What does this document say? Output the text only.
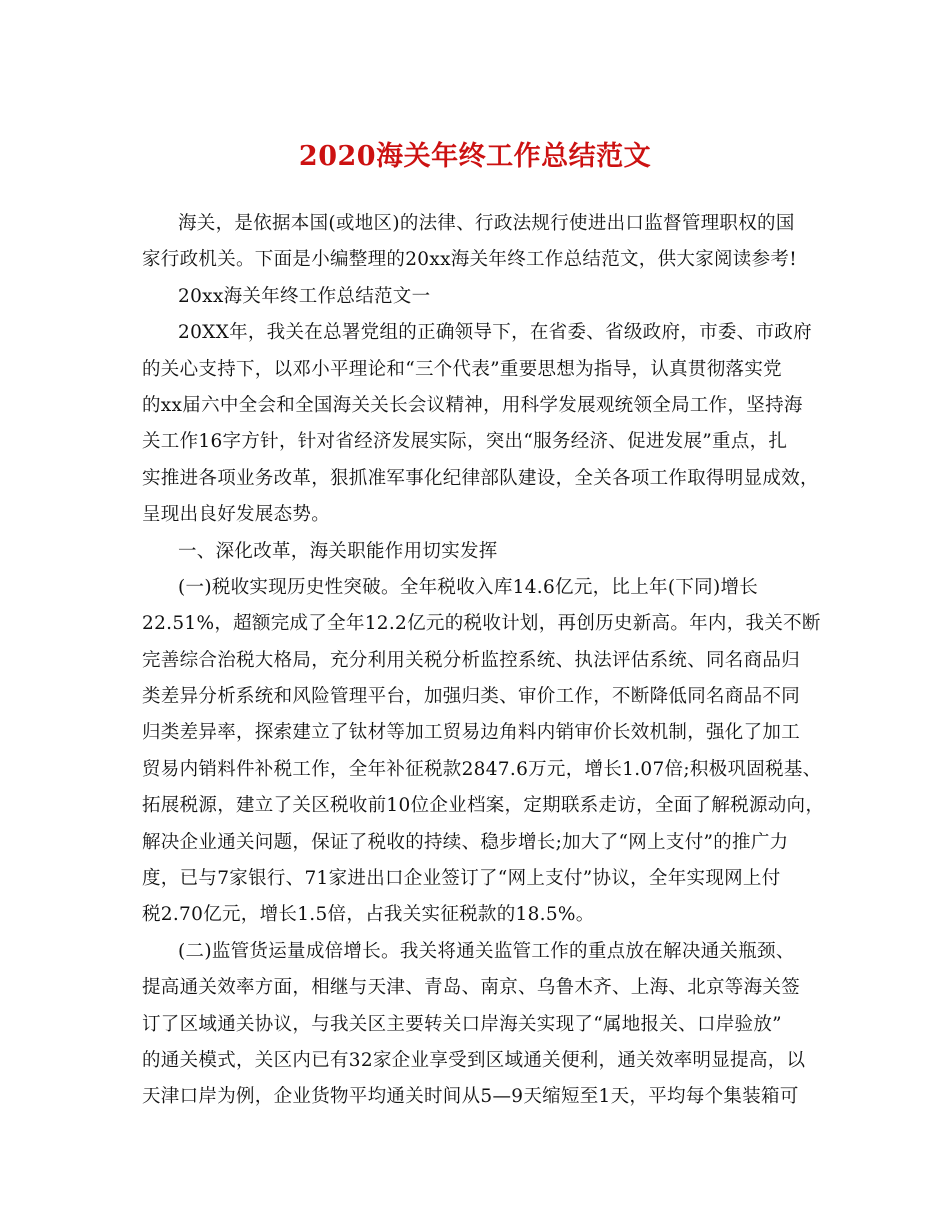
2020海关年终工作总结范文
海关，是依据本国(或地区)的法律、行政法规行使进出口监督管理职权的国
家行政机关。下面是小编整理的20xx海关年终工作总结范文，供大家阅读参考!
20xx海关年终工作总结范文一
20XX年，我关在总署党组的正确领导下，在省委、省级政府，市委、市政府
的关心支持下，以邓小平理论和“三个代表”重要思想为指导，认真贯彻落实党
的xx届六中全会和全国海关关长会议精神，用科学发展观统领全局工作，坚持海
关工作16字方针，针对省经济发展实际，突出“服务经济、促进发展”重点，扎
实推进各项业务改革，狠抓准军事化纪律部队建设，全关各项工作取得明显成效，
呈现出良好发展态势。
一、深化改革，海关职能作用切实发挥
(一)税收实现历史性突破。全年税收入库14.6亿元，比上年(下同)增长
22.51%，超额完成了全年12.2亿元的税收计划，再创历史新高。年内，我关不断
完善综合治税大格局，充分利用关税分析监控系统、执法评估系统、同名商品归
类差异分析系统和风险管理平台，加强归类、审价工作，不断降低同名商品不同
归类差异率，探索建立了钛材等加工贸易边角料内销审价长效机制，强化了加工
贸易内销料件补税工作，全年补征税款2847.6万元，增长1.07倍;积极巩固税基、
拓展税源，建立了关区税收前10位企业档案，定期联系走访，全面了解税源动向，
解决企业通关问题，保证了税收的持续、稳步增长;加大了“网上支付”的推广力
度，已与7家银行、71家进出口企业签订了“网上支付”协议，全年实现网上付
税2.70亿元，增长1.5倍，占我关实征税款的18.5%。
(二)监管货运量成倍增长。我关将通关监管工作的重点放在解决通关瓶颈、
提高通关效率方面，相继与天津、青岛、南京、乌鲁木齐、上海、北京等海关签
订了区域通关协议，与我关区主要转关口岸海关实现了“属地报关、口岸验放”
的通关模式，关区内已有32家企业享受到区域通关便利，通关效率明显提高，以
天津口岸为例，企业货物平均通关时间从5—9天缩短至1天，平均每个集装箱可
